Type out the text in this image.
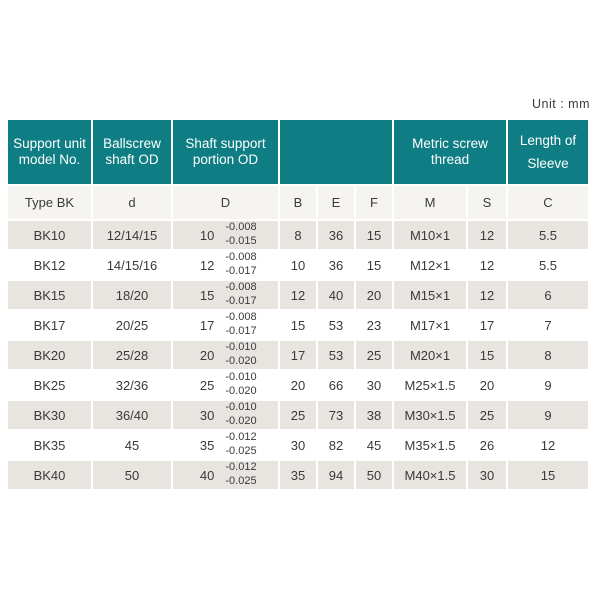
Unit : mm
Support unit
model No.	Ballscrew
shaft OD	Shaft support
portion OD				Metric screw
thread		Length of
Sleeve

Type BK	d	D	B	E	F	M	S	C
BK10	12/14/15	10
-0.008
-0.015	8	36	15	M10×1	12	5.5
BK12	14/15/16	12
-0.008
-0.017	10	36	15	M12×1	12	5.5
BK15	18/20	15
-0.008
-0.017	12	40	20	M15×1	12	6
BK17	20/25	17
-0.008
-0.017	15	53	23	M17×1	17	7
BK20	25/28	20
-0.010
-0.020	17	53	25	M20×1	15	8
BK25	32/36	25
-0.010
-0.020	20	66	30	M25×1.5	20	9
BK30	36/40	30
-0.010
-0.020	25	73	38	M30×1.5	25	9
BK35	45	35
-0.012
-0.025	30	82	45	M35×1.5	26	12
BK40	50	40
-0.012
-0.025	35	94	50	M40×1.5	30	15
